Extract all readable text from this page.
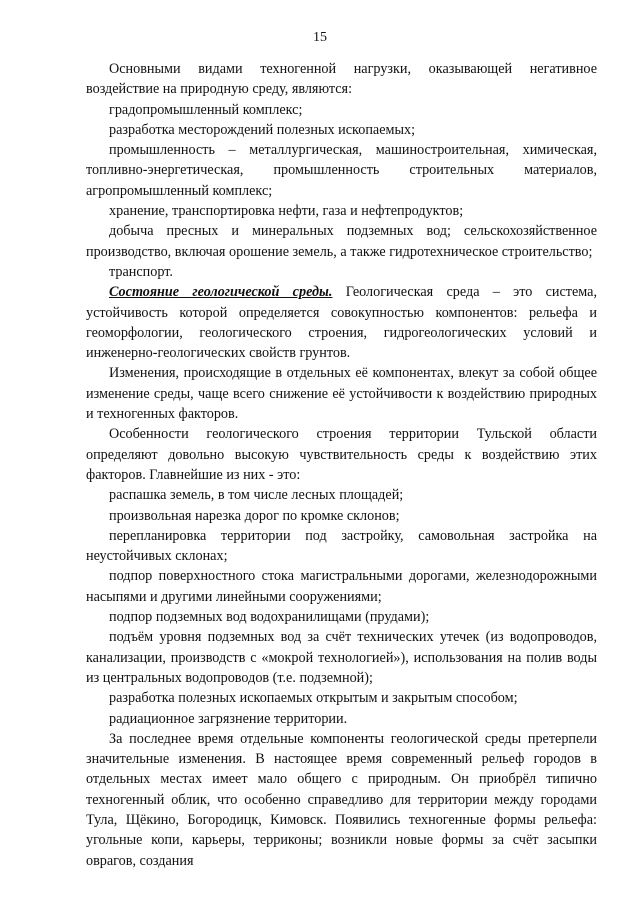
15

Основными видами техногенной нагрузки, оказывающей негативное воздействие на природную среду, являются:

градопромышленный комплекс;

разработка месторождений полезных ископаемых;

промышленность – металлургическая, машиностроительная, химическая, топливно-энергетическая, промышленность строительных материалов, агропромышленный комплекс;

хранение, транспортировка нефти, газа и нефтепродуктов;

добыча пресных и минеральных подземных вод; сельскохозяйственное производство, включая орошение земель, а также гидротехническое строительство;

транспорт.

Состояние геологической среды. Геологическая среда – это система, устойчивость которой определяется совокупностью компонентов: рельефа и геоморфологии, геологического строения, гидрогеологических условий и инженерно-геологических свойств грунтов.

Изменения, происходящие в отдельных её компонентах, влекут за собой общее изменение среды, чаще всего снижение её устойчивости к воздействию природных и техногенных факторов.

Особенности геологического строения территории Тульской области определяют довольно высокую чувствительность среды к воздействию этих факторов. Главнейшие из них - это:

распашка земель, в том числе лесных площадей;

произвольная нарезка дорог по кромке склонов;

перепланировка территории под застройку, самовольная застройка на неустойчивых склонах;

подпор поверхностного стока магистральными дорогами, железнодорожными насыпями и другими линейными сооружениями;

подпор подземных вод водохранилищами (прудами);

подъём уровня подземных вод за счёт технических утечек (из водопроводов, канализации, производств с «мокрой технологией»), использования на полив воды из центральных водопроводов (т.е. подземной);

разработка полезных ископаемых открытым и закрытым способом;

радиационное загрязнение территории.

За последнее время отдельные компоненты геологической среды претерпели значительные изменения. В настоящее время современный рельеф городов в отдельных местах имеет мало общего с природным. Он приобрёл типично техногенный облик, что особенно справедливо для территории между городами Тула, Щёкино, Богородицк, Кимовск. Появились техногенные формы рельефа: угольные копи, карьеры, терриконы; возникли новые формы за счёт засыпки оврагов, создания
